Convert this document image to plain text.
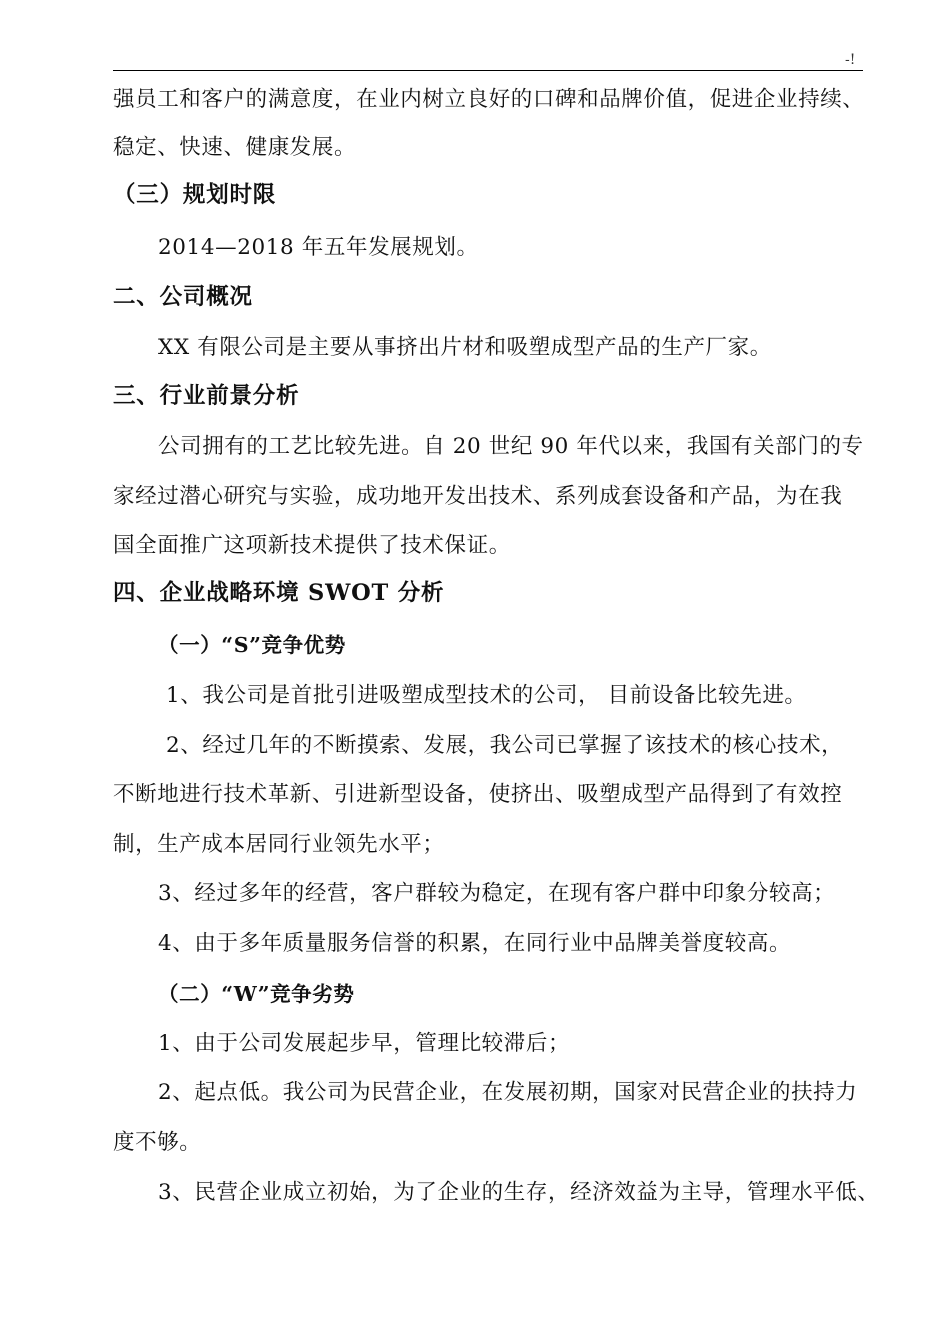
-!
强员工和客户的满意度，在业内树立良好的口碑和品牌价值，促进企业持续、
稳定、快速、健康发展。
（三）规划时限
2014—2018 年五年发展规划。
二、公司概况
XX 有限公司是主要从事挤出片材和吸塑成型产品的生产厂家。
三、行业前景分析
公司拥有的工艺比较先进。自 20 世纪 90 年代以来，我国有关部门的专
家经过潜心研究与实验，成功地开发出技术、系列成套设备和产品，为在我
国全面推广这项新技术提供了技术保证。
四、企业战略环境 SWOT 分析
（一）“S”竞争优势
1、我公司是首批引进吸塑成型技术的公司， 目前设备比较先进。
2、经过几年的不断摸索、发展，我公司已掌握了该技术的核心技术，
不断地进行技术革新、引进新型设备，使挤出、吸塑成型产品得到了有效控
制，生产成本居同行业领先水平；
3、经过多年的经营，客户群较为稳定，在现有客户群中印象分较高；
4、由于多年质量服务信誉的积累，在同行业中品牌美誉度较高。
（二）“W”竞争劣势
1、由于公司发展起步早，管理比较滞后；
2、起点低。我公司为民营企业，在发展初期，国家对民营企业的扶持力
度不够。
3、民营企业成立初始，为了企业的生存，经济效益为主导，管理水平低、
